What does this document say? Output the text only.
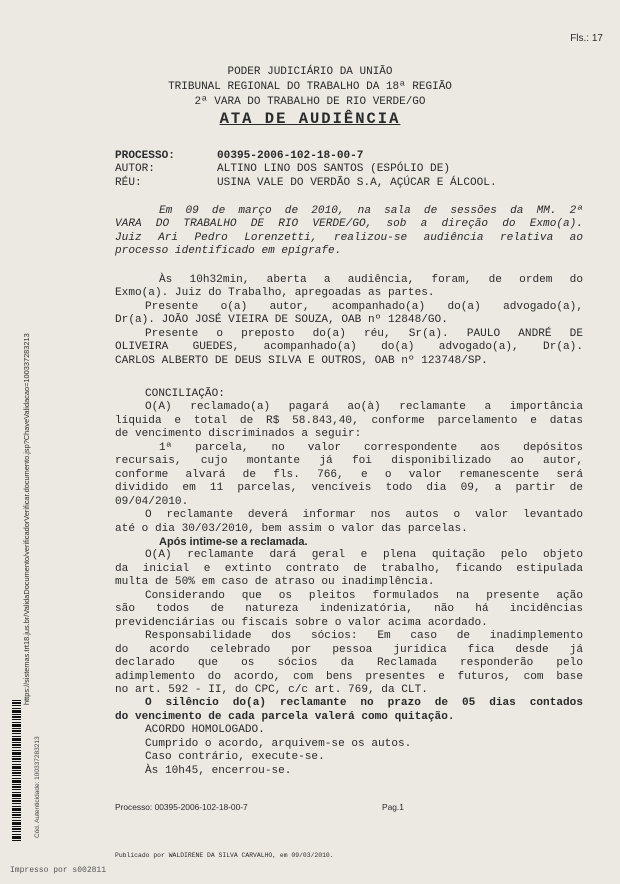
Fls.: 17
PODER JUDICIÁRIO DA UNIÃO
TRIBUNAL REGIONAL DO TRABALHO DA 18ª REGIÃO
2ª VARA DO TRABALHO DE RIO VERDE/GO
ATA DE AUDIÊNCIA
PROCESSO:	00395-2006-102-18-00-7
AUTOR:	ALTINO LINO DOS SANTOS (ESPÓLIO DE)
RÉU:	USINA VALE DO VERDÃO S.A, AÇÚCAR E ÁLCOOL.

Em 09 de março de 2010, na sala de sessões da MM. 2ª

VARA DO TRABALHO DE RIO VERDE/GO, sob a direção do Exmo(a).

Juiz Ari Pedro Lorenzetti, realizou-se audiência relativa ao

processo identificado em epígrafe.

Às 10h32min, aberta a audiência, foram, de ordem do

Exmo(a). Juiz do Trabalho, apregoadas as partes.

Presente o(a) autor, acompanhado(a) do(a) advogado(a),

Dr(a). JOÃO JOSÉ VIEIRA DE SOUZA, OAB nº 12848/GO.

Presente o preposto do(a) réu, Sr(a). PAULO ANDRÉ DE

OLIVEIRA GUEDES, acompanhado(a) do(a) advogado(a), Dr(a).

CARLOS ALBERTO DE DEUS SILVA E OUTROS, OAB nº 123748/SP.

CONCILIAÇÃO:

O(A) reclamado(a) pagará ao(à) reclamante a importância

líquida e total de R$ 58.843,40, conforme parcelamento e datas

de vencimento discriminados a seguir:

1ª parcela, no valor correspondente aos depósitos

recursais, cujo montante já foi disponibilizado ao autor,

conforme alvará de fls. 766, e o valor remanescente será

dividido em 11 parcelas, vencíveis todo dia 09, a partir de

09/04/2010.

O reclamante deverá informar nos autos o valor levantado

até o dia 30/03/2010, bem assim o valor das parcelas.

Após intime-se a reclamada.

O(A) reclamante dará geral e plena quitação pelo objeto

da inicial e extinto contrato de trabalho, ficando estipulada

multa de 50% em caso de atraso ou inadimplência.

Considerando que os pleitos formulados na presente ação

são todos de natureza indenizatória, não há incidências

previdenciárias ou fiscais sobre o valor acima acordado.

Responsabilidade dos sócios: Em caso de inadimplemento

do acordo celebrado por pessoa jurídica fica desde já

declarado que os sócios da Reclamada responderão pelo

adimplemento do acordo, com bens presentes e futuros, com base

no art. 592 - II, do CPC, c/c art. 769, da CLT.

O silêncio do(a) reclamante no prazo de 05 dias contados

do vencimento de cada parcela valerá como quitação.

ACORDO HOMOLOGADO.

Cumprido o acordo, arquivem-se os autos.

Caso contrário, execute-se.

Às 10h45, encerrou-se.

Processo: 00395-2006-102-18-00-7	Pag.1
Publicado por WALDIRENE DA SILVA CARVALHO, em 09/03/2010.
Impresso por s002811
https://sistemas.trt18.jus.br/ValidaDocumento/verificadorVerificar.documento.jsp?ChaveValidacao=100337283213
Cód. Autenticidade: 100337283213
